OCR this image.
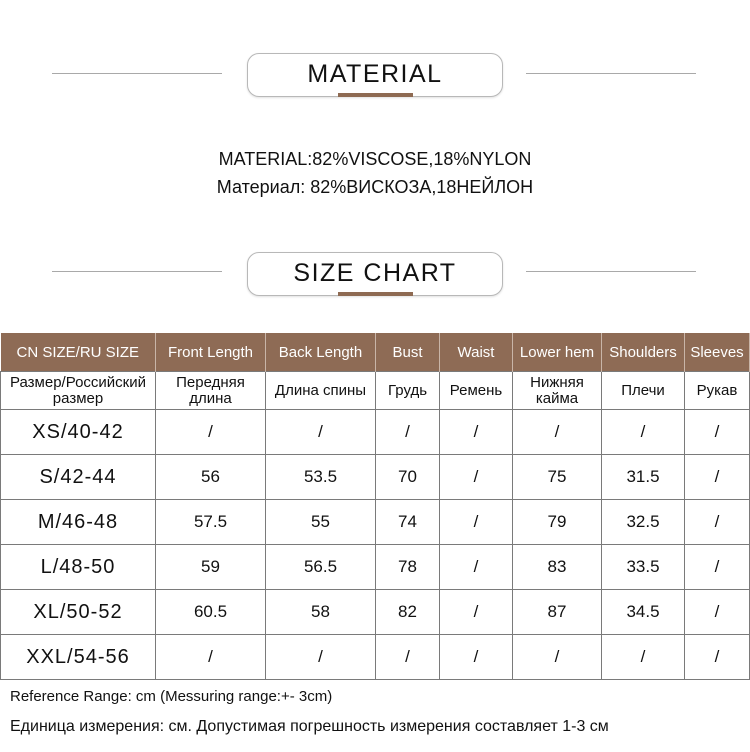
MATERIAL
MATERIAL:82%VISCOSE,18%NYLON
Материал: 82%ВИСКОЗА,18НЕЙЛОН
SIZE CHART
CN SIZE/RU SIZE	Front Length	Back Length	Bust	Waist	Lower hem	Shoulders	Sleeves
Размер/Российский размер	Передняя длина	Длина спины	Грудь	Ремень	Нижняя кайма	Плечи	Рукав
XS/40-42	/	/	/	/	/	/	/
S/42-44	56	53.5	70	/	75	31.5	/
M/46-48	57.5	55	74	/	79	32.5	/
L/48-50	59	56.5	78	/	83	33.5	/
XL/50-52	60.5	58	82	/	87	34.5	/
XXL/54-56	/	/	/	/	/	/	/
Reference Range: cm (Messuring range:+- 3cm)
Единица измерения: см. Допустимая погрешность измерения составляет 1-3 см
